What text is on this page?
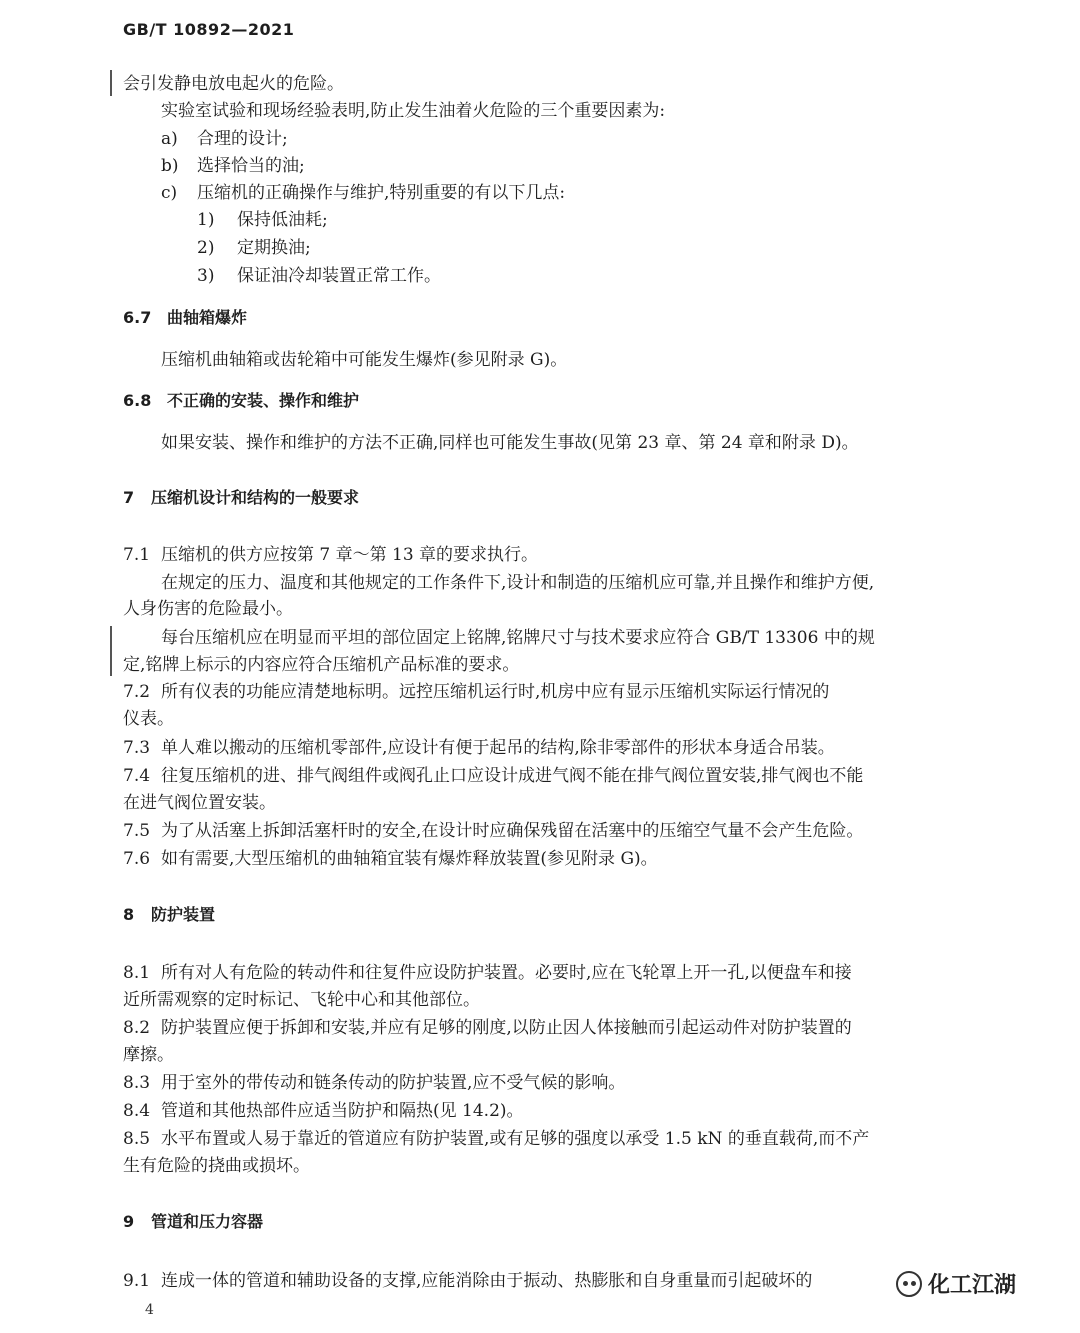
GB/T 10892—2021
会引发静电放电起火的危险。
实验室试验和现场经验表明,防止发生油着火危险的三个重要因素为:
a) 合理的设计;
b) 选择恰当的油;
c) 压缩机的正确操作与维护,特别重要的有以下几点:
1) 保持低油耗;
2) 定期换油;
3) 保证油冷却装置正常工作。
6.7 曲轴箱爆炸
压缩机曲轴箱或齿轮箱中可能发生爆炸(参见附录 G)。
6.8 不正确的安装、操作和维护
如果安装、操作和维护的方法不正确,同样也可能发生事故(见第 23 章、第 24 章和附录 D)。
7 压缩机设计和结构的一般要求
7.1 压缩机的供方应按第 7 章～第 13 章的要求执行。
在规定的压力、温度和其他规定的工作条件下,设计和制造的压缩机应可靠,并且操作和维护方便,
人身伤害的危险最小。
每台压缩机应在明显而平坦的部位固定上铭牌,铭牌尺寸与技术要求应符合 GB/T 13306 中的规
定,铭牌上标示的内容应符合压缩机产品标准的要求。
7.2 所有仪表的功能应清楚地标明。远控压缩机运行时,机房中应有显示压缩机实际运行情况的
仪表。
7.3 单人难以搬动的压缩机零部件,应设计有便于起吊的结构,除非零部件的形状本身适合吊装。
7.4 往复压缩机的进、排气阀组件或阀孔止口应设计成进气阀不能在排气阀位置安装,排气阀也不能
在进气阀位置安装。
7.5 为了从活塞上拆卸活塞杆时的安全,在设计时应确保残留在活塞中的压缩空气量不会产生危险。
7.6 如有需要,大型压缩机的曲轴箱宜装有爆炸释放装置(参见附录 G)。
8 防护装置
8.1 所有对人有危险的转动件和往复件应设防护装置。必要时,应在飞轮罩上开一孔,以便盘车和接
近所需观察的定时标记、飞轮中心和其他部位。
8.2 防护装置应便于拆卸和安装,并应有足够的刚度,以防止因人体接触而引起运动件对防护装置的
摩擦。
8.3 用于室外的带传动和链条传动的防护装置,应不受气候的影响。
8.4 管道和其他热部件应适当防护和隔热(见 14.2)。
8.5 水平布置或人易于靠近的管道应有防护装置,或有足够的强度以承受 1.5 kN 的垂直载荷,而不产
生有危险的挠曲或损坏。
9 管道和压力容器
9.1 连成一体的管道和辅助设备的支撑,应能消除由于振动、热膨胀和自身重量而引起破坏的
4
化工江湖
